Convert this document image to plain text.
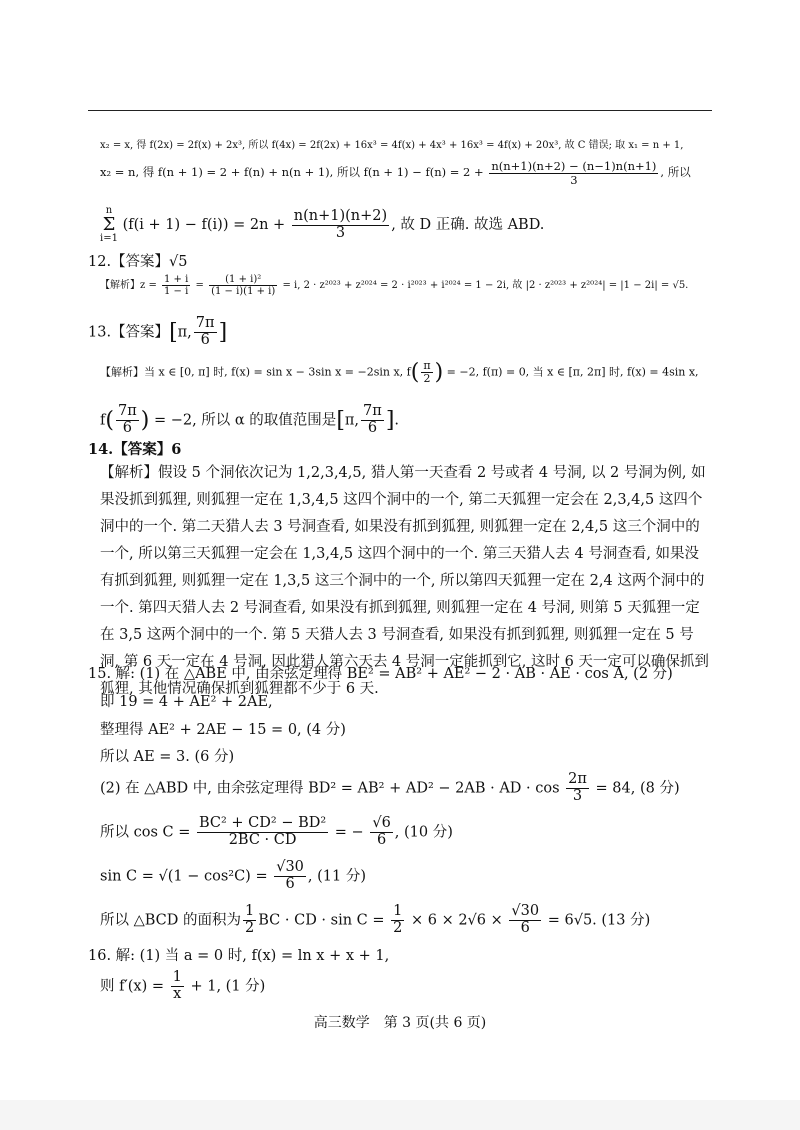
x₂ = x, 得 f(2x) = 2f(x) + 2x³, 所以 f(4x) = 2f(2x) + 16x³ = 4f(x) + 4x³ + 16x³ = 4f(x) + 20x³, 故 C 错误; 取 x₁ = n + 1,
x₂ = n, 得 f(n + 1) = 2 + f(n) + n(n + 1), 所以 $f(n + 1) - f(n) = 2 + \frac{n(n+1)(n+2) - (n-1)n(n+1)}{3}$ , 所以
n
Σ
i=1 $(f(i + 1) - f(i)) = 2n + \frac{n(n+1)(n+2)}{3}$ , 故 D 正确. 故选 ABD.
12.【答案】√5
【解析】$z = \frac{1 + i}{1 - i} = \frac{\text{(1 + i)²}}{(1 - i)(1 + i)} = i$, 2 · z²⁰²³ + z²⁰²⁴ = 2 · i²⁰²³ + i²⁰²⁴ = 1 − 2i, 故 |2 · z²⁰²³ + z²⁰²⁴| = |1 − 2i| = √5.
13.【答案】[π, $\frac{7\pi}{6}$ ]
【解析】当 x ∈ [0, π] 时, f(x) = sin x − 3sin x = −2sin x, $f( \frac{\pi}{2}$ ) = −2, f(π) = 0, 当 x ∈ [π, 2π] 时, f(x) = 4sin x,
$f( \frac{7\pi}{6}$ ) = −2, 所以 α 的取值范围是[π, $\frac{7\pi}{6}$ ].
14.【答案】6
【解析】假设 5 个洞依次记为 1,2,3,4,5, 猎人第一天查看 2 号或者 4 号洞, 以 2 号洞为例, 如果没抓到狐狸, 则狐狸一定在 1,3,4,5 这四个洞中的一个, 第二天狐狸一定会在 2,3,4,5 这四个洞中的一个. 第二天猎人去 3 号洞查看, 如果没有抓到狐狸, 则狐狸一定在 2,4,5 这三个洞中的一个, 所以第三天狐狸一定会在 1,3,4,5 这四个洞中的一个. 第三天猎人去 4 号洞查看, 如果没有抓到狐狸, 则狐狸一定在 1,3,5 这三个洞中的一个, 所以第四天狐狸一定在 2,4 这两个洞中的一个. 第四天猎人去 2 号洞查看, 如果没有抓到狐狸, 则狐狸一定在 4 号洞, 则第 5 天狐狸一定在 3,5 这两个洞中的一个. 第 5 天猎人去 3 号洞查看, 如果没有抓到狐狸, 则狐狸一定在 5 号洞, 第 6 天一定在 4 号洞, 因此猎人第六天去 4 号洞一定能抓到它, 这时 6 天一定可以确保抓到狐狸, 其他情况确保抓到狐狸都不少于 6 天.
15. 解: (1) 在 △ABE 中, 由余弦定理得 BE² = AB² + AE² − 2 · AB · AE · cos A, (2 分)
即 19 = 4 + AE² + 2AE,
整理得 AE² + 2AE − 15 = 0, (4 分)
所以 AE = 3. (6 分)
(2) 在 △ABD 中, 由余弦定理得 BD² = AB² + AD² − 2AB · AD · $\cos \frac{2\pi}{3} = 84$, (8 分)
所以 $\cos C = \frac{\text{BC² + CD² − BD²}}{2BC \cdot CD}$ = − $\frac{√6}{6}$ , (10 分)
$\sin C = √(1 - \cos^2C) = \frac{√30}{6}$ , (11 分)
所以 △BCD 的面积为 $\frac{1}{2}$ BC · CD · $\sin C = \frac{1}{2} \times 6 \times 2√6 \times \frac{√30}{6} = 6√5$. (13 分)
16. 解: (1) 当 a = 0 时, f(x) = ln x + x + 1,
则 $f'(x) = \frac{1}{x} + 1$, (1 分)
高三数学　第 3 页(共 6 页)
